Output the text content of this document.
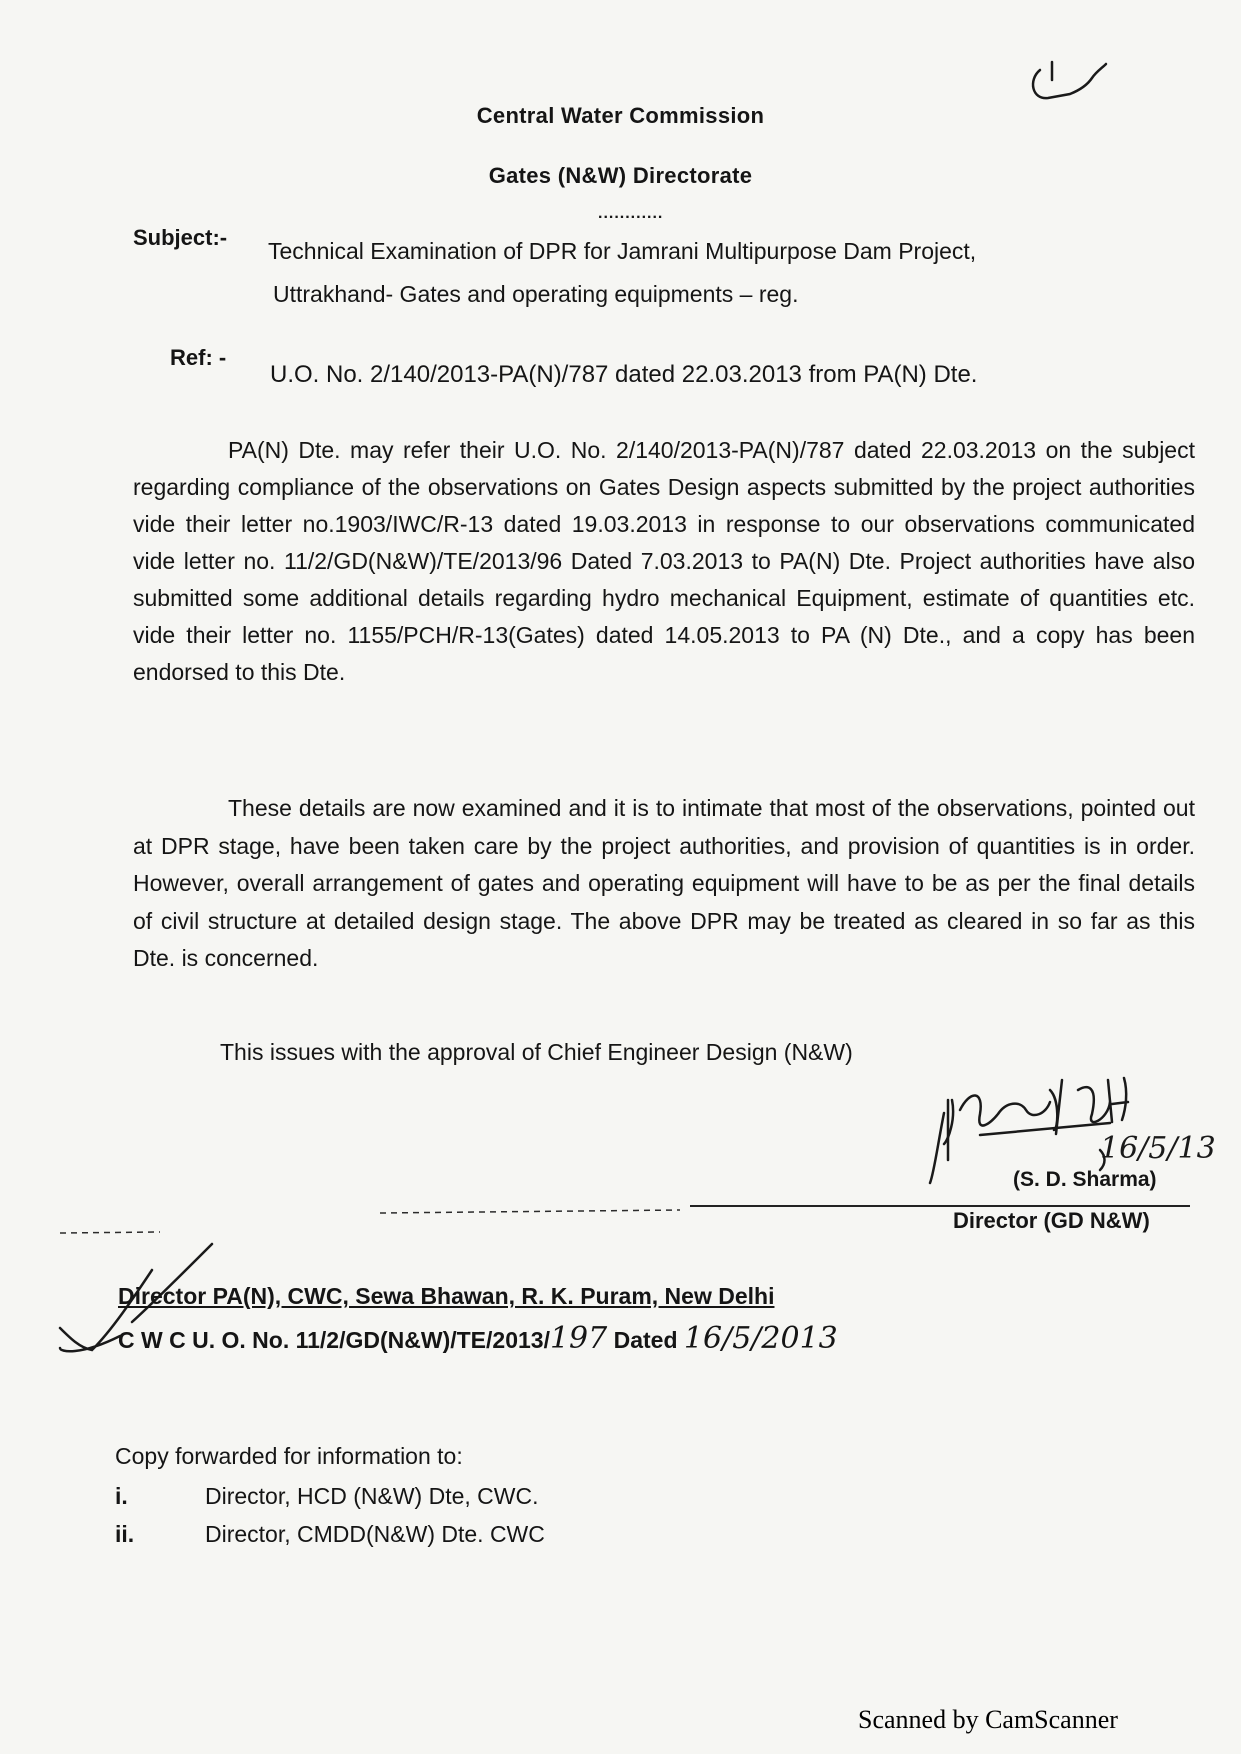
Central Water Commission
Gates (N&W) Directorate
............
Subject:-
Technical Examination of DPR for Jamrani Multipurpose Dam Project,
Uttrakhand- Gates and operating equipments – reg.
Ref: -
U.O. No. 2/140/2013-PA(N)/787 dated 22.03.2013 from PA(N) Dte.
PA(N) Dte. may refer their U.O. No. 2/140/2013-PA(N)/787 dated 22.03.2013 on the subject regarding compliance of the observations on Gates Design aspects submitted by the project authorities vide their letter no.1903/IWC/R-13 dated 19.03.2013 in response to our observations communicated vide letter no. 11/2/GD(N&W)/TE/2013/96 Dated 7.03.2013 to PA(N) Dte. Project authorities have also submitted some additional details regarding hydro mechanical Equipment, estimate of quantities etc. vide their letter no. 1155/PCH/R-13(Gates) dated 14.05.2013 to PA (N) Dte., and a copy has been endorsed to this Dte.
These details are now examined and it is to intimate that most of the observations, pointed out at DPR stage, have been taken care by the project authorities, and provision of quantities is in order. However, overall arrangement of gates and operating equipment will have to be as per the final details of civil structure at detailed design stage. The above DPR may be treated as cleared in so far as this Dte. is concerned.
This issues with the approval of Chief Engineer Design (N&W)
16/5/13
(S. D. Sharma)
Director (GD N&W)
Director PA(N), CWC, Sewa Bhawan, R. K. Puram, New Delhi
C W C U. O. No. 11/2/GD(N&W)/TE/2013/197 Dated 16/5/2013
Copy forwarded for information to:
i.	Director, HCD (N&W) Dte, CWC.
ii.	Director, CMDD(N&W) Dte. CWC
Scanned by CamScanner
